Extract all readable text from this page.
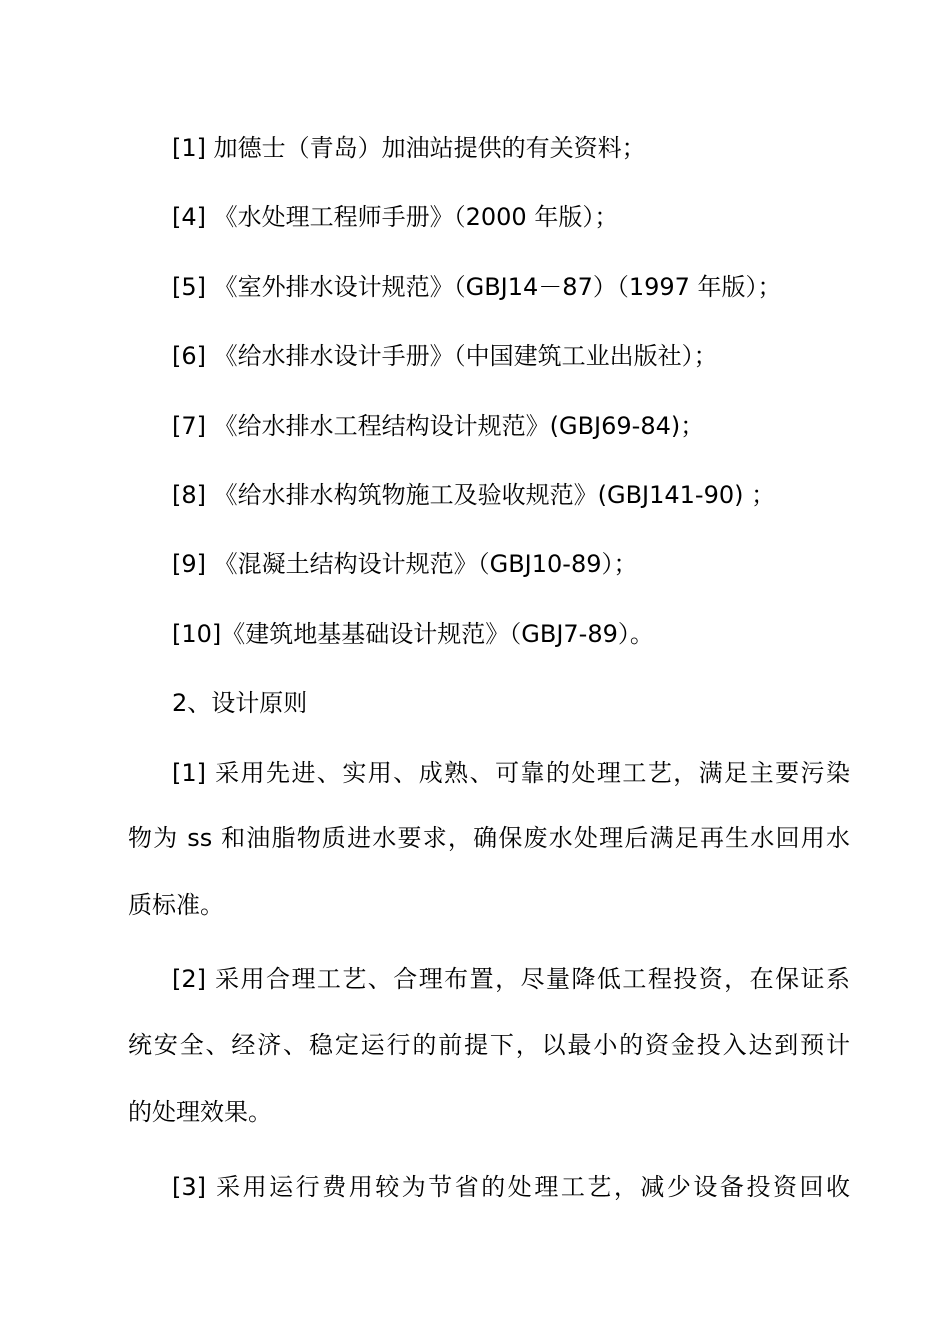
[1] 加德士（青岛）加油站提供的有关资料；
[4] 《水处理工程师手册》（2000 年版）；
[5] 《室外排水设计规范》（GBJ14－87）（1997 年版）；
[6] 《给水排水设计手册》（中国建筑工业出版社）；
[7] 《给水排水工程结构设计规范》(GBJ69-84)；
[8] 《给水排水构筑物施工及验收规范》(GBJ141-90) ；
[9] 《混凝土结构设计规范》（GBJ10-89）；
[10]《建筑地基基础设计规范》（GBJ7-89）。
2、设计原则
[1] 采用先进、实用、成熟、可靠的处理工艺，满足主要污染
物为 ss 和油脂物质进水要求，确保废水处理后满足再生水回用水
质标准。
[2] 采用合理工艺、合理布置，尽量降低工程投资，在保证系
统安全、经济、稳定运行的前提下，以最小的资金投入达到预计
的处理效果。
[3] 采用运行费用较为节省的处理工艺，减少设备投资回收
